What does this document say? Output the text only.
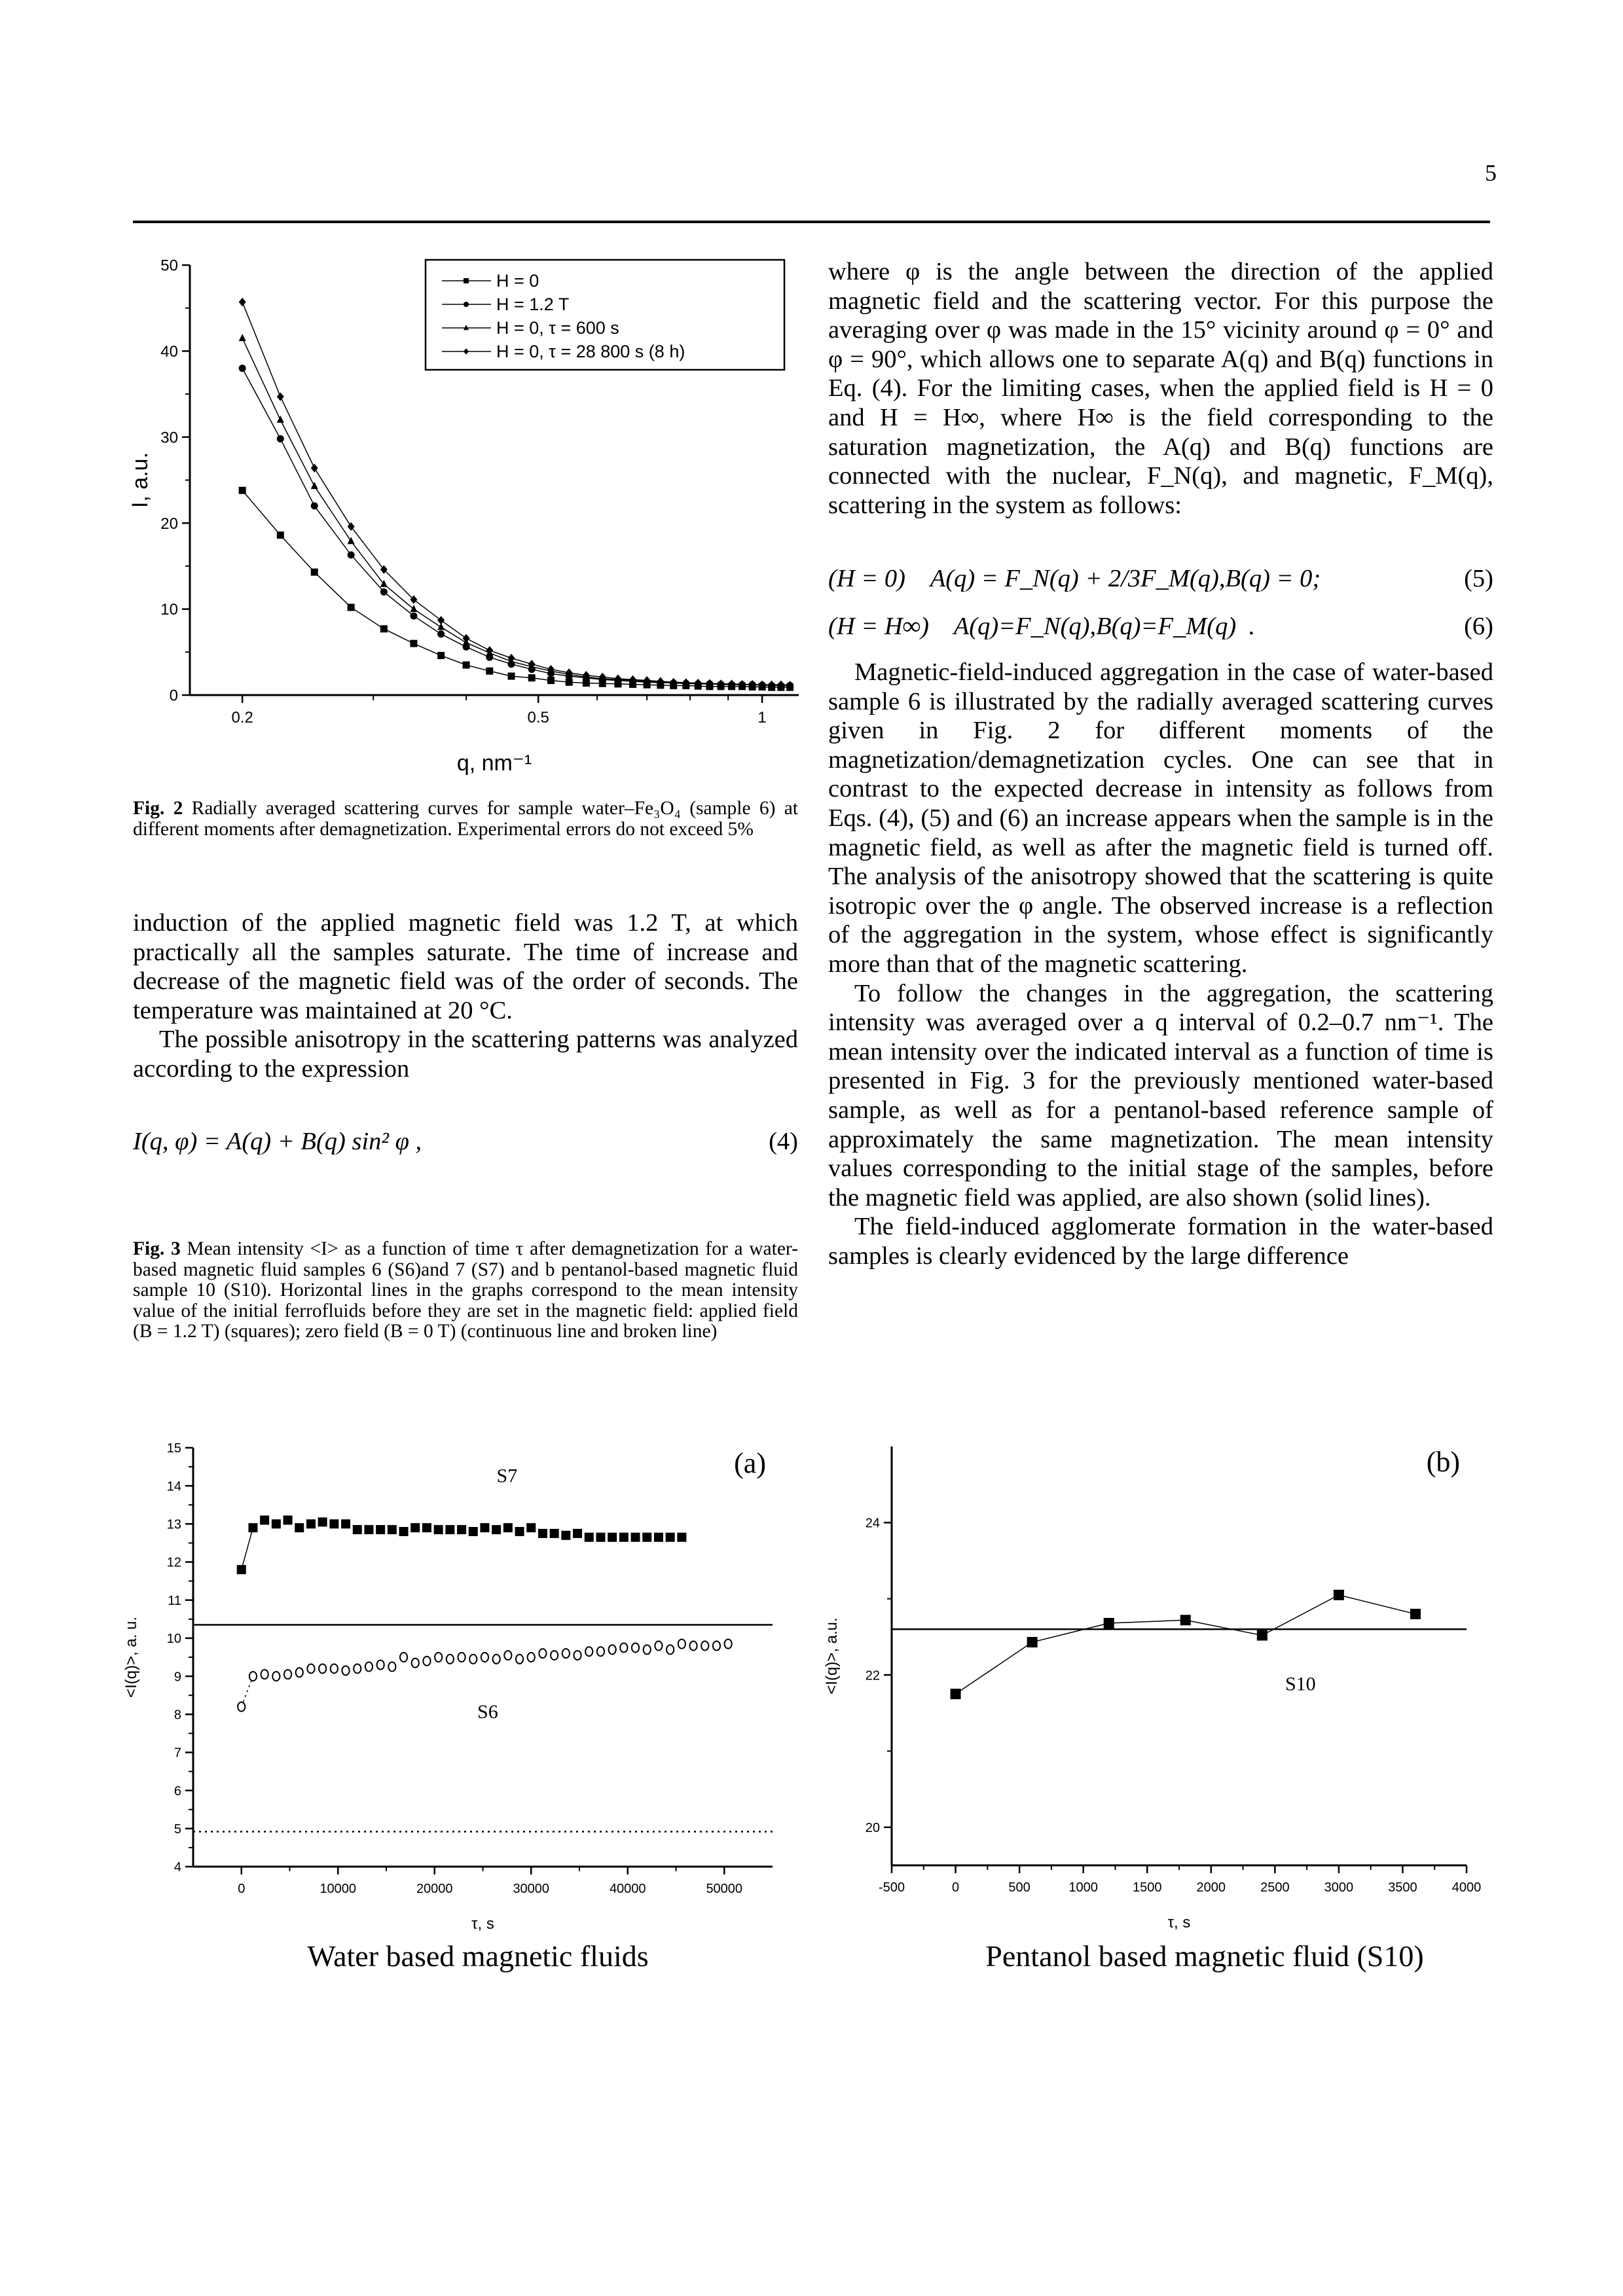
5
0
10
20
30
40
50
0.2	0.5	1
q, nm⁻¹
I, a.u.
H = 0
H = 1.2 T
H = 0, τ = 600 s
H = 0, τ = 28 800 s (8 h)
Fig. 2 Radially averaged scattering curves for sample water–Fe₃O₄ (sample 6) at different moments after demagnetization. Experimental errors do not exceed 5%

induction of the applied magnetic field was 1.2 T, at which practically all the samples saturate. The time of increase and decrease of the magnetic field was of the order of seconds. The temperature was maintained at 20 °C.

The possible anisotropy in the scattering patterns was analyzed according to the expression

I(q, φ) = A(q) + B(q) sin² φ ,	(4)
Fig. 3 Mean intensity <I> as a function of time τ after demagnetization for a water-based magnetic fluid samples 6 (S6)and 7 (S7) and b pentanol-based magnetic fluid sample 10 (S10). Horizontal lines in the graphs correspond to the mean intensity value of the initial ferrofluids before they are set in the magnetic field: applied field (B = 1.2 T) (squares); zero field (B = 0 T) (continuous line and broken line)

where φ is the angle between the direction of the applied magnetic field and the scattering vector. For this purpose the averaging over φ was made in the 15° vicinity around φ = 0° and φ = 90°, which allows one to separate A(q) and B(q) functions in Eq. (4). For the limiting cases, when the applied field is H = 0 and H = H∞, where H∞ is the field corresponding to the saturation magnetization, the A(q) and B(q) functions are connected with the nuclear, F_N(q), and magnetic, F_M(q), scattering in the system as follows:

(H = 0)    A(q) = F_N(q) + 2/3F_M(q),B(q) = 0;	(5)
(H = H∞)    A(q)=F_N(q),B(q)=F_M(q)  .	(6)

Magnetic-field-induced aggregation in the case of water-based sample 6 is illustrated by the radially averaged scattering curves given in Fig. 2 for different moments of the magnetization/demagnetization cycles. One can see that in contrast to the expected decrease in intensity as follows from Eqs. (4), (5) and (6) an increase appears when the sample is in the magnetic field, as well as after the magnetic field is turned off. The analysis of the anisotropy showed that the scattering is quite isotropic over the φ angle. The observed increase is a reflection of the aggregation in the system, whose effect is significantly more than that of the magnetic scattering.

To follow the changes in the aggregation, the scattering intensity was averaged over a q interval of 0.2–0.7 nm⁻¹. The mean intensity over the indicated interval as a function of time is presented in Fig. 3 for the previously mentioned water-based sample, as well as for a pentanol-based reference sample of approximately the same magnetization. The mean intensity values corresponding to the initial stage of the samples, before the magnetic field was applied, are also shown (solid lines).

The field-induced agglomerate formation in the water-based samples is clearly evidenced by the large difference

4
5
6
7
8
9
10
11
12
13
14
15
0	10000	20000	30000	40000	50000
τ, s
<I(q)>, a. u.
S7
S6
(a)
Water based magnetic fluids
20
22
24
-500	0	500	1000	1500	2000	2500	3000	3500	4000
τ, s
<I(q)>, a.u.	S10
(b)
Pentanol based magnetic fluid (S10)
